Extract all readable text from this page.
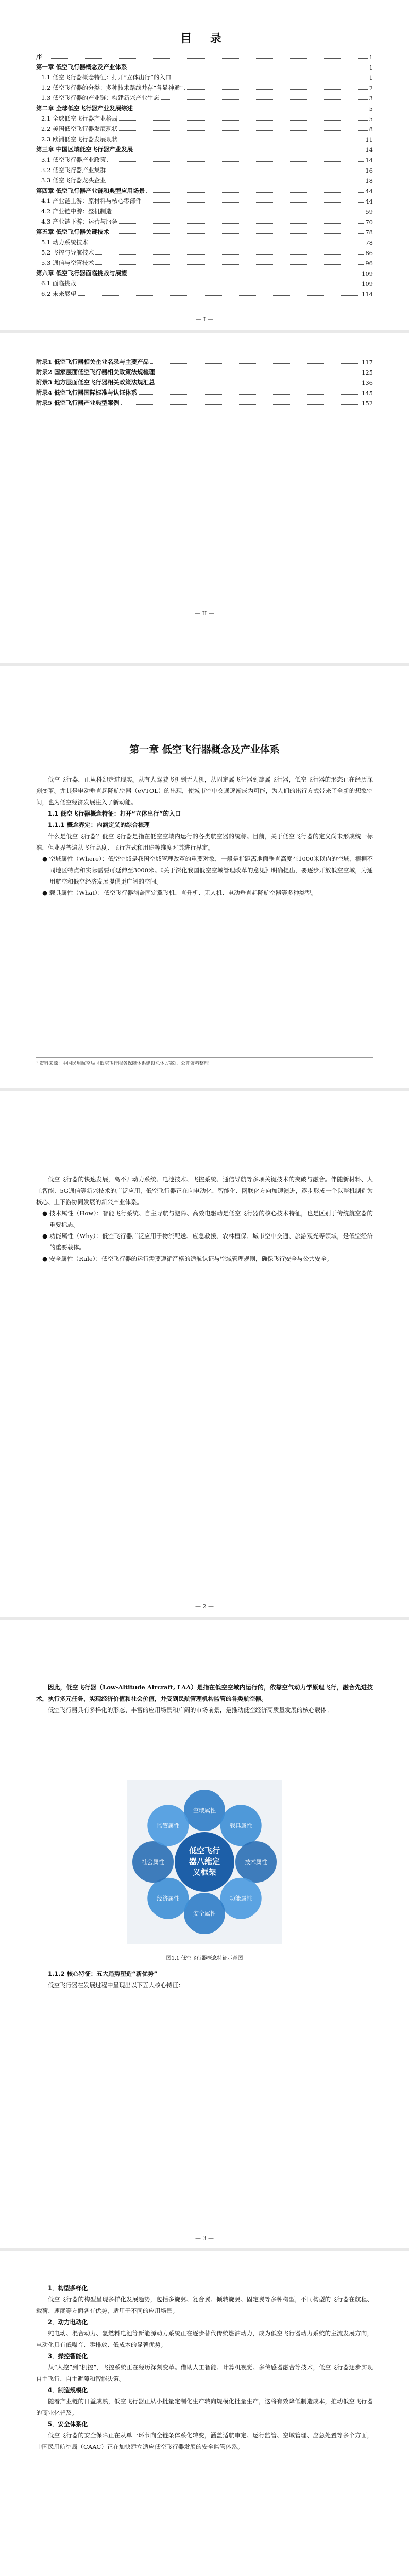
目 录
序	1
第一章 低空飞行器概念及产业体系	1
1.1 低空飞行器概念特征：打开“立体出行”的入口	1
1.2 低空飞行器的分类：多种技术路线并存“各显神通”	2
1.3 低空飞行器的产业链：构建新兴产业生态	3
第二章 全球低空飞行器产业发展综述	5
2.1 全球低空飞行器产业格局	5
2.2 美国低空飞行器发展现状	8
2.3 欧洲低空飞行器发展现状	11
第三章 中国区域低空飞行器产业发展	14
3.1 低空飞行器产业政策	14
3.2 低空飞行器产业集群	16
3.3 低空飞行器龙头企业	18
第四章 低空飞行器产业链和典型应用场景	44
4.1 产业链上游：原材料与核心零部件	44
4.2 产业链中游：整机制造	59
4.3 产业链下游：运营与服务	70
第五章 低空飞行器关键技术	78
5.1 动力系统技术	78
5.2 飞控与导航技术	86
5.3 通信与空管技术	96
第六章 低空飞行器面临挑战与展望	109
6.1 面临挑战	109
6.2 未来展望	114
— I —
附录1 低空飞行器相关企业名录与主要产品	117
附录2 国家层面低空飞行器相关政策法规梳理	125
附录3 地方层面低空飞行器相关政策法规汇总	136
附录4 低空飞行器国际标准与认证体系	145
附录5 低空飞行器产业典型案例	152
— II —
第一章 低空飞行器概念及产业体系

低空飞行器，正从科幻走进现实。从有人驾驶飞机到无人机，从固定翼飞行器到旋翼飞行器，低空飞行器的形态正在经历深刻变革。尤其是电动垂直起降航空器（eVTOL）的出现，使城市空中交通逐渐成为可能，为人们的出行方式带来了全新的想象空间，也为低空经济发展注入了新动能。

1.1 低空飞行器概念特征：打开“立体出行”的入口

1.1.1 概念界定：内涵定义的综合梳理

什么是低空飞行器？低空飞行器是指在低空空域内运行的各类航空器的统称。目前，关于低空飞行器的定义尚未形成统一标准，但业界普遍从飞行高度、飞行方式和用途等维度对其进行界定。

● 空域属性（Where）：低空空域是我国空域管理改革的重要对象，一般是指距离地面垂直高度在1000米以内的空域，根据不同地区特点和实际需要可延伸至3000米。《关于深化我国低空空域管理改革的意见》明确提出，要逐步开放低空空域，为通用航空和低空经济发展提供更广阔的空间。

● 载具属性（What）：低空飞行器涵盖固定翼飞机、直升机、无人机、电动垂直起降航空器等多种类型。

¹ 资料来源：中国民用航空局《低空飞行服务保障体系建设总体方案》、公开资料整理。

低空飞行器的快速发展，离不开动力系统、电池技术、飞控系统、通信导航等多项关键技术的突破与融合。伴随新材料、人工智能、5G通信等新兴技术的广泛应用，低空飞行器正在向电动化、智能化、网联化方向加速演进，逐步形成一个以整机制造为核心、上下游协同发展的新兴产业体系。

● 技术属性（How）：智能飞行系统、自主导航与避障、高效电驱动是低空飞行器的核心技术特征，也是区别于传统航空器的重要标志。

● 功能属性（Why）：低空飞行器广泛应用于物流配送、应急救援、农林植保、城市空中交通、旅游观光等领域，是低空经济的重要载体。

● 安全属性（Rule）：低空飞行器的运行需要遵循严格的适航认证与空域管理规则，确保飞行安全与公共安全。

— 2 —

因此，低空飞行器（Low-Altitude Aircraft, LAA）是指在低空空域内运行的，依靠空气动力学原理飞行，融合先进技术，执行多元任务，实现经济价值和社会价值，并受到民航管理机构监管的各类航空器。

低空飞行器具有多样化的形态、丰富的应用场景和广阔的市场前景，是推动低空经济高质量发展的核心载体。

空域属性
载具属性
技术属性
功能属性
安全属性
经济属性
社会属性
监管属性
低空飞行
器八维定
义框架
图1.1 低空飞行器概念特征示意图

1.1.2 核心特征：五大趋势塑造“新优势”

低空飞行器在发展过程中呈现出以下五大核心特征：

— 3 —

1．构型多样化

低空飞行器的构型呈现多样化发展趋势，包括多旋翼、复合翼、倾转旋翼、固定翼等多种构型，不同构型的飞行器在航程、载荷、速度等方面各有优势，适用于不同的应用场景。

2．动力电动化

纯电动、混合动力、氢燃料电池等新能源动力系统正在逐步替代传统燃油动力，成为低空飞行器动力系统的主流发展方向，电动化具有低噪音、零排放、低成本的显著优势。

3．操控智能化

从“人控”到“机控”，飞控系统正在经历深刻变革。借助人工智能、计算机视觉、多传感器融合等技术，低空飞行器逐步实现自主飞行、自主避障和智能决策。

4．制造规模化

随着产业链的日益成熟，低空飞行器正从小批量定制化生产转向规模化批量生产，这将有效降低制造成本，推动低空飞行器的商业化普及。

5．安全体系化

低空飞行器的安全保障正在从单一环节向全链条体系化转变，涵盖适航审定、运行监管、空域管理、应急处置等多个方面，中国民用航空局（CAAC）正在加快建立适应低空飞行器发展的安全监管体系。
